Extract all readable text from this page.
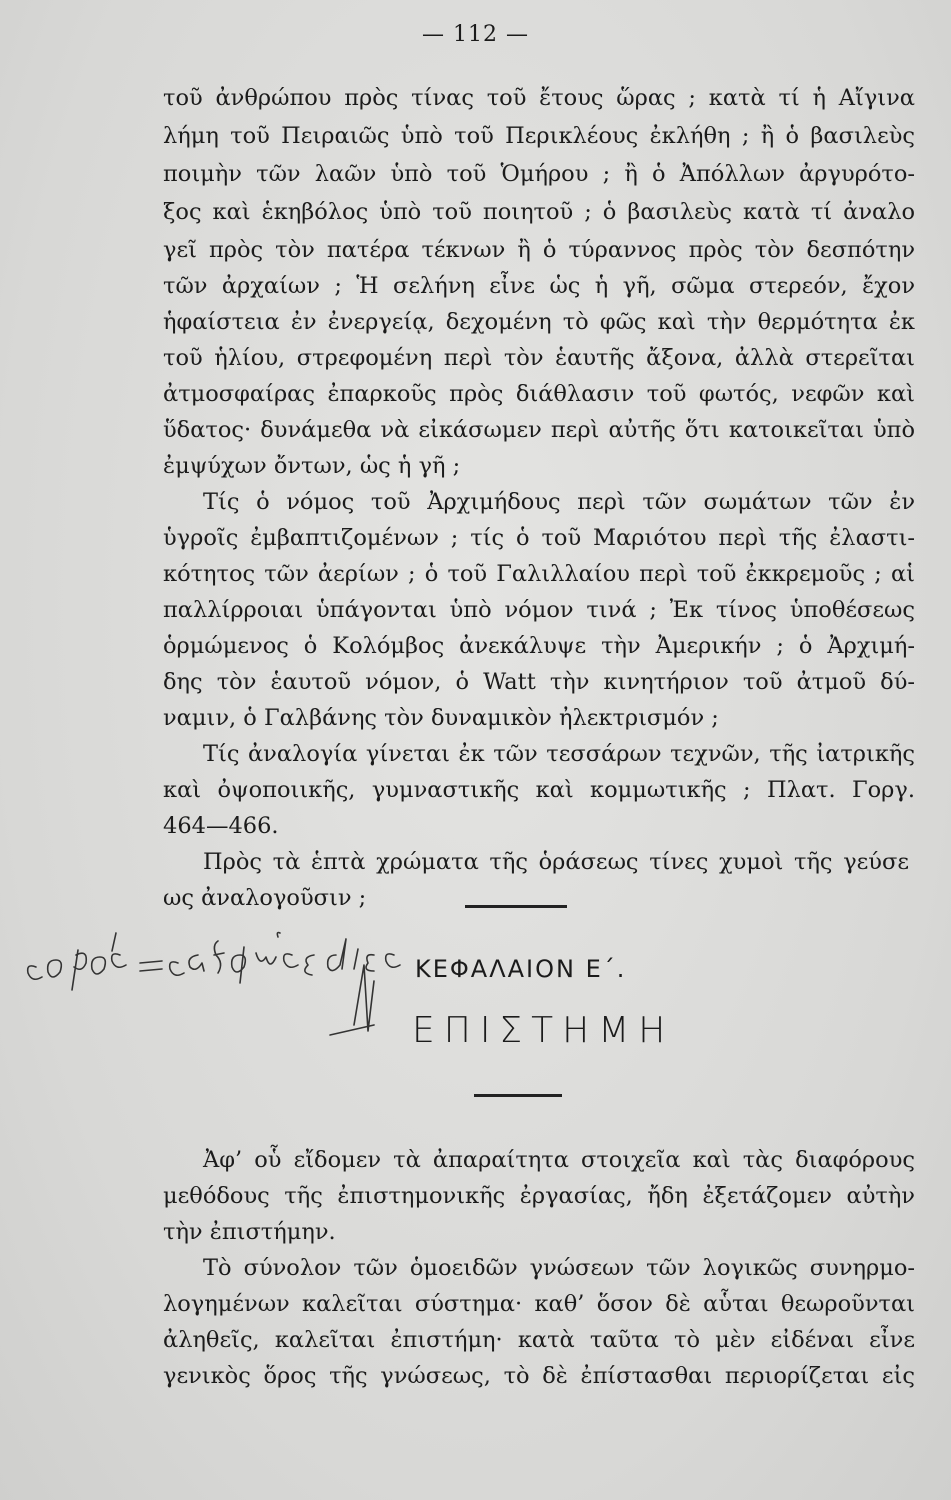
— 112 —
τοῦ ἀνθρώπου πρὸς τίνας τοῦ ἔτους ὥρας ; κατὰ τί ἡ Αἴγινα
λήμη τοῦ Πειραιῶς ὑπὸ τοῦ Περικλέους ἐκλήθη ; ἢ ὁ βασιλεὺς
ποιμὴν τῶν λαῶν ὑπὸ τοῦ Ὁμήρου ; ἢ ὁ Ἀπόλλων ἀργυρότο-
ξος καὶ ἑκηβόλος ὑπὸ τοῦ ποιητοῦ ; ὁ βασιλεὺς κατὰ τί ἀναλο
γεῖ πρὸς τὸν πατέρα τέκνων ἢ ὁ τύραννος πρὸς τὸν δεσπότην
τῶν ἀρχαίων ; Ἡ σελήνη εἶνε ὡς ἡ γῆ, σῶμα στερεόν, ἔχον
ἡφαίστεια ἐν ἐνεργείᾳ, δεχομένη τὸ φῶς καὶ τὴν θερμότητα ἐκ
τοῦ ἡλίου, στρεφομένη περὶ τὸν ἑαυτῆς ἄξονα, ἀλλὰ στερεῖται
ἀτμοσφαίρας ἐπαρκοῦς πρὸς διάθλασιν τοῦ φωτός, νεφῶν καὶ
ὕδατος· δυνάμεθα νὰ εἰκάσωμεν περὶ αὐτῆς ὅτι κατοικεῖται ὑπὸ
ἐμψύχων ὄντων, ὡς ἡ γῆ ;
Τίς ὁ νόμος τοῦ Ἀρχιμήδους περὶ τῶν σωμάτων τῶν ἐν
ὑγροῖς ἐμβαπτιζομένων ; τίς ὁ τοῦ Μαριότου περὶ τῆς ἐλαστι-
κότητος τῶν ἀερίων ; ὁ τοῦ Γαλιλλαίου περὶ τοῦ ἐκκρεμοῦς ; αἱ
παλλίρροιαι ὑπάγονται ὑπὸ νόμον τινά ; Ἐκ τίνος ὑποθέσεως
ὁρμώμενος ὁ Κολόμβος ἀνεκάλυψε τὴν Ἀμερικήν ; ὁ Ἀρχιμή-
δης τὸν ἑαυτοῦ νόμον, ὁ Watt τὴν κινητήριον τοῦ ἀτμοῦ δύ-
ναμιν, ὁ Γαλβάνης τὸν δυναμικὸν ἠλεκτρισμόν ;
Τίς ἀναλογία γίνεται ἐκ τῶν τεσσάρων τεχνῶν, τῆς ἰατρικῆς
καὶ ὀψοποιικῆς, γυμναστικῆς καὶ κομμωτικῆς ; Πλατ. Γοργ.
464—466.
Πρὸς τὰ ἑπτὰ χρώματα τῆς ὁράσεως τίνες χυμοὶ τῆς γεύσε
ως ἀναλογοῦσιν ;
ΚΕΦΑΛΑΙΟΝ Ε΄.
ΕΠΙΣΤΗΜΗ
Ἀφ’ οὗ εἴδομεν τὰ ἀπαραίτητα στοιχεῖα καὶ τὰς διαφόρους
μεθόδους τῆς ἐπιστημονικῆς ἐργασίας, ἤδη ἐξετάζομεν αὐτὴν
τὴν ἐπιστήμην.
Τὸ σύνολον τῶν ὁμοειδῶν γνώσεων τῶν λογικῶς συνηρμο-
λογημένων καλεῖται σύστημα· καθ’ ὅσον δὲ αὗται θεωροῦνται
ἀληθεῖς, καλεῖται ἐπιστήμη· κατὰ ταῦτα τὸ μὲν εἰδέναι εἶνε
γενικὸς ὅρος τῆς γνώσεως, τὸ δὲ ἐπίστασθαι περιορίζεται εἰς
